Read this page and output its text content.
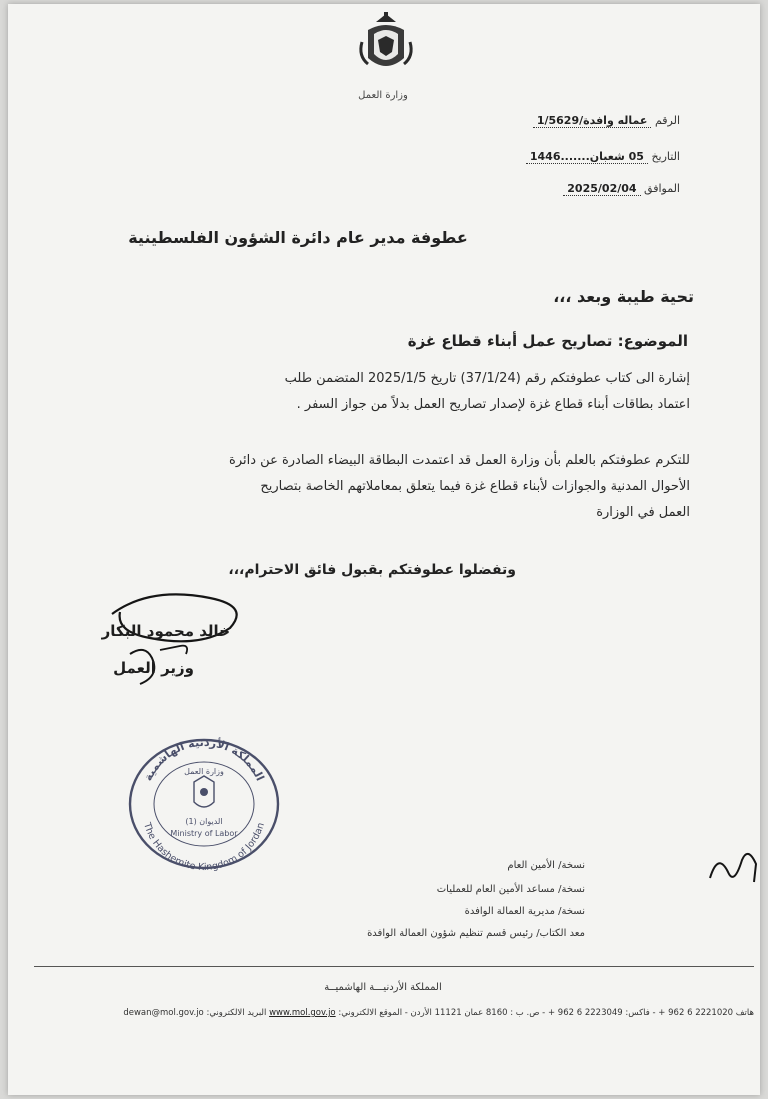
وزارة العمل
الرقم عماله وافدة/1/5629
التاريخ 05 شعبان.......1446
الموافق 2025/02/04
عطوفة مدير عام دائرة الشؤون الفلسطينية
تحية طيبة وبعد ،،،
الموضوع: تصاريح عمل أبناء قطاع غزة
إشارة الى كتاب عطوفتكم رقم (37/1/24) تاريخ 2025/1/5 المتضمن طلب
اعتماد بطاقات أبناء قطاع غزة لإصدار تصاريح العمل بدلاً من جواز السفر .
للتكرم عطوفتكم بالعلم بأن وزارة العمل قد اعتمدت البطاقة البيضاء الصادرة عن دائرة
الأحوال المدنية والجوازات لأبناء قطاع غزة فيما يتعلق بمعاملاتهم الخاصة بتصاريح
العمل في الوزارة
وتفضلوا عطوفتكم بقبول فائق الاحترام،،،
خالد محمود البكار
وزير العمل
المملكة الأردنية الهاشمية
The Hashemite Kingdom of Jordan
وزارة العمل
الديوان (1)
Ministry of Labor
نسخة/ الأمين العام
نسخة/ مساعد الأمين العام للعمليات
نسخة/ مديرية العمالة الوافدة
معد الكتاب/ رئيس قسم تنظيم شؤون العمالة الوافدة
المملكة الأردنيـــة الهاشميــة
هاتف 2221020 6 962 + - فاكس: 2223049 6 962 + - ص. ب : 8160 عمان 11121 الأردن - الموقع الالكتروني: www.mol.gov.jo البريد الالكتروني: dewan@mol.gov.jo
